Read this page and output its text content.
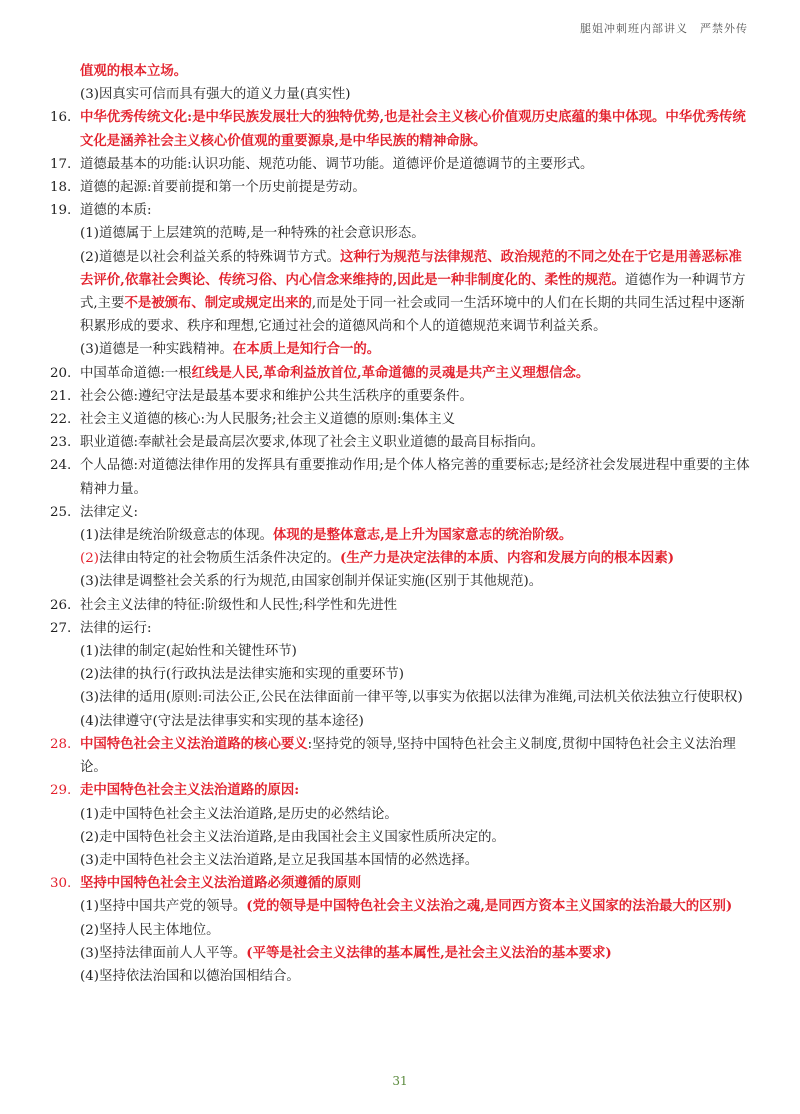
腿姐冲刺班内部讲义　严禁外传
值观的根本立场。
(3)因真实可信而具有强大的道义力量(真实性)
16. 中华优秀传统文化:是中华民族发展壮大的独特优势,也是社会主义核心价值观历史底蕴的集中体现。中华优秀传统文化是涵养社会主义核心价值观的重要源泉,是中华民族的精神命脉。
17. 道德最基本的功能:认识功能、规范功能、调节功能。道德评价是道德调节的主要形式。
18. 道德的起源:首要前提和第一个历史前提是劳动。
19. 道德的本质:
(1)道德属于上层建筑的范畴,是一种特殊的社会意识形态。
(2)道德是以社会利益关系的特殊调节方式。这种行为规范与法律规范、政治规范的不同之处在于它是用善恶标准去评价,依靠社会舆论、传统习俗、内心信念来维持的,因此是一种非制度化的、柔性的规范。道德作为一种调节方式,主要不是被颁布、制定或规定出来的,而是处于同一社会或同一生活环境中的人们在长期的共同生活过程中逐渐积累形成的要求、秩序和理想,它通过社会的道德风尚和个人的道德规范来调节利益关系。
(3)道德是一种实践精神。在本质上是知行合一的。
20. 中国革命道德:一根红线是人民,革命利益放首位,革命道德的灵魂是共产主义理想信念。
21. 社会公德:遵纪守法是最基本要求和维护公共生活秩序的重要条件。
22. 社会主义道德的核心:为人民服务;社会主义道德的原则:集体主义
23. 职业道德:奉献社会是最高层次要求,体现了社会主义职业道德的最高目标指向。
24. 个人品德:对道德法律作用的发挥具有重要推动作用;是个体人格完善的重要标志;是经济社会发展进程中重要的主体精神力量。
25. 法律定义:
(1)法律是统治阶级意志的体现。体现的是整体意志,是上升为国家意志的统治阶级。
(2)法律由特定的社会物质生活条件决定的。(生产力是决定法律的本质、内容和发展方向的根本因素)
(3)法律是调整社会关系的行为规范,由国家创制并保证实施(区别于其他规范)。
26. 社会主义法律的特征:阶级性和人民性;科学性和先进性
27. 法律的运行:
(1)法律的制定(起始性和关键性环节)
(2)法律的执行(行政执法是法律实施和实现的重要环节)
(3)法律的适用(原则:司法公正,公民在法律面前一律平等,以事实为依据以法律为准绳,司法机关依法独立行使职权)
(4)法律遵守(守法是法律事实和实现的基本途径)
28. 中国特色社会主义法治道路的核心要义:坚持党的领导,坚持中国特色社会主义制度,贯彻中国特色社会主义法治理论。
29. 走中国特色社会主义法治道路的原因:
(1)走中国特色社会主义法治道路,是历史的必然结论。
(2)走中国特色社会主义法治道路,是由我国社会主义国家性质所决定的。
(3)走中国特色社会主义法治道路,是立足我国基本国情的必然选择。
30. 坚持中国特色社会主义法治道路必须遵循的原则
(1)坚持中国共产党的领导。(党的领导是中国特色社会主义法治之魂,是同西方资本主义国家的法治最大的区别)
(2)坚持人民主体地位。
(3)坚持法律面前人人平等。(平等是社会主义法律的基本属性,是社会主义法治的基本要求)
(4)坚持依法治国和以德治国相结合。
31
